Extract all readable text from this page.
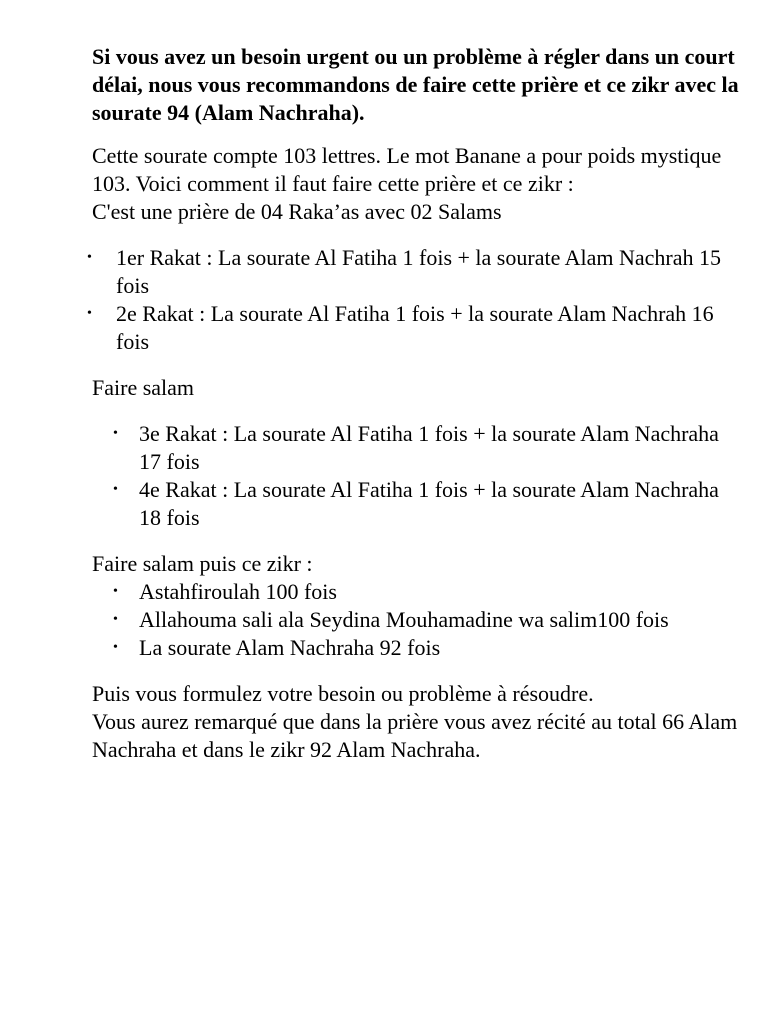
Si vous avez un besoin urgent ou un problème à régler dans un court délai, nous vous recommandons de faire cette prière et ce zikr avec la sourate 94 (Alam Nachraha).

Cette sourate compte 103 lettres. Le mot Banane a pour poids mystique 103. Voici comment il faut faire cette prière et ce zikr :

C'est une prière de 04 Raka’as avec 02 Salams

• 1er Rakat : La sourate Al Fatiha 1 fois + la sourate Alam Nachrah 15 fois
• 2e Rakat : La sourate Al Fatiha 1 fois + la sourate Alam Nachrah 16 fois

Faire salam

• 3e Rakat : La sourate Al Fatiha 1 fois + la sourate Alam Nachraha 17 fois
• 4e Rakat : La sourate Al Fatiha 1 fois + la sourate Alam Nachraha 18 fois

Faire salam puis ce zikr :

• Astahfiroulah 100 fois
• Allahouma sali ala Seydina Mouhamadine wa salim100 fois
• La sourate Alam Nachraha 92 fois

Puis vous formulez votre besoin ou problème à résoudre.

Vous aurez remarqué que dans la prière vous avez récité au total 66 Alam Nachraha et dans le zikr 92 Alam Nachraha.
